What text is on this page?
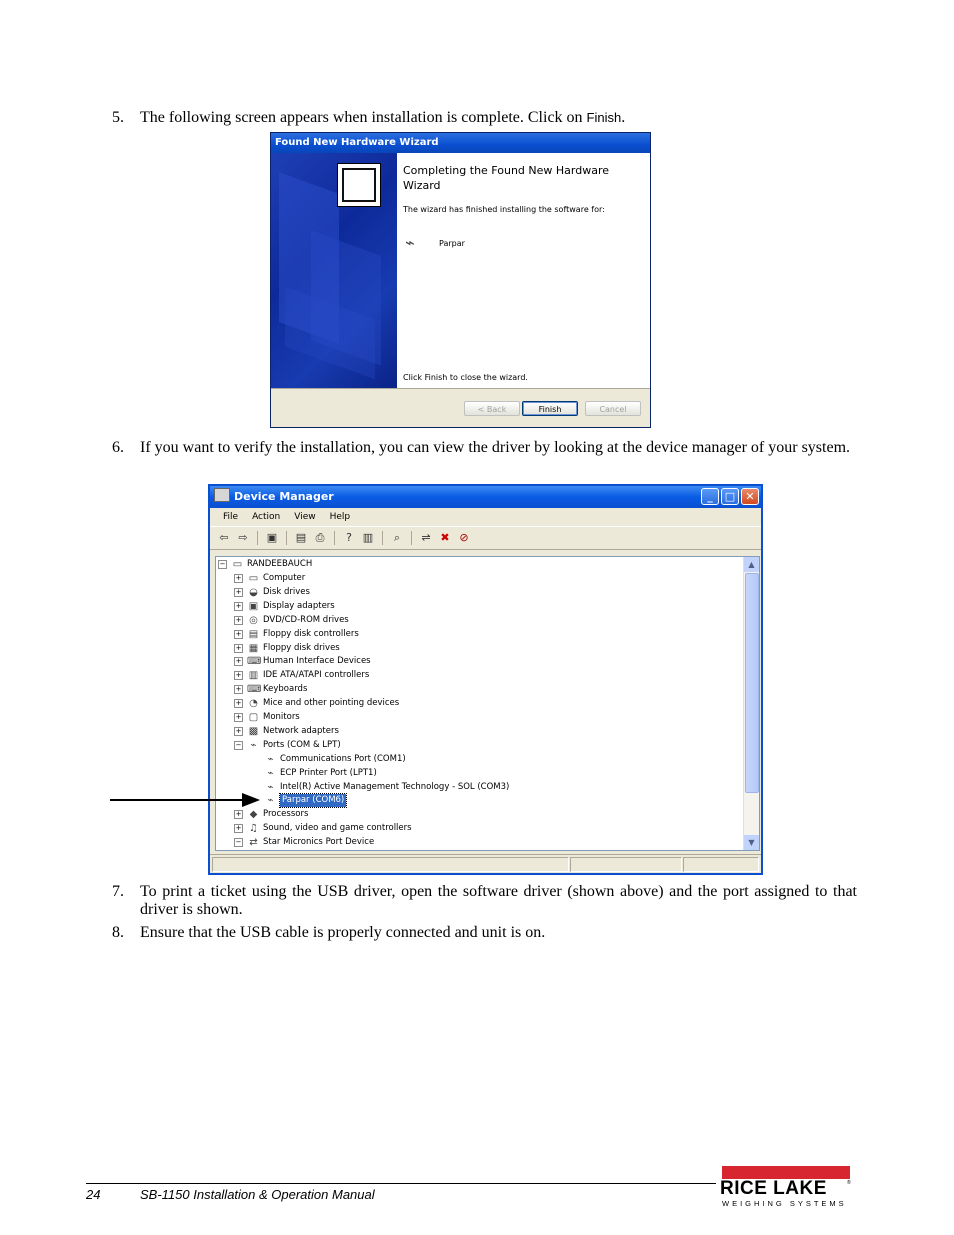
5. The following screen appears when installation is complete. Click on Finish.
Found New Hardware Wizard
Completing the Found New Hardware Wizard
The wizard has finished installing the software for:
⌁	Parpar
Click Finish to close the wizard.
< Back	Finish	Cancel
6. If you want to verify the installation, you can view the driver by looking at the device manager of your system.
Device Manager	_	□ ✕
File	Action	View	Help
⇦ ⇨	▣ ▤ ⎙	? ▥	⌕	⇌ ✖ ⊘
− ▭ RANDEEBAUCH	▲
▼
+ ▭ Computer
+ ◒ Disk drives
+ ▣ Display adapters
+ ◎ DVD/CD-ROM drives
+ ▤ Floppy disk controllers
+ ▦ Floppy disk drives
+ ⌨ Human Interface Devices
+ ▥ IDE ATA/ATAPI controllers
+ ⌨ Keyboards
+ ◔ Mice and other pointing devices
+ ▢ Monitors
+ ▩ Network adapters
− ⌁ Ports (COM & LPT)
⌁ Communications Port (COM1)
⌁ ECP Printer Port (LPT1)
⌁ Intel(R) Active Management Technology - SOL (COM3)
⌁ Parpar (COM6)
+ ◆ Processors
+ ♫ Sound, video and game controllers
− ⇄ Star Micronics Port Device
7. To print a ticket using the USB driver, open the software driver (shown above) and the port assigned to that driver is shown.
8. Ensure that the USB cable is properly connected and unit is on.
24	SB-1150 Installation & Operation Manual	RICE LAKE	®
WEIGHING SYSTEMS
